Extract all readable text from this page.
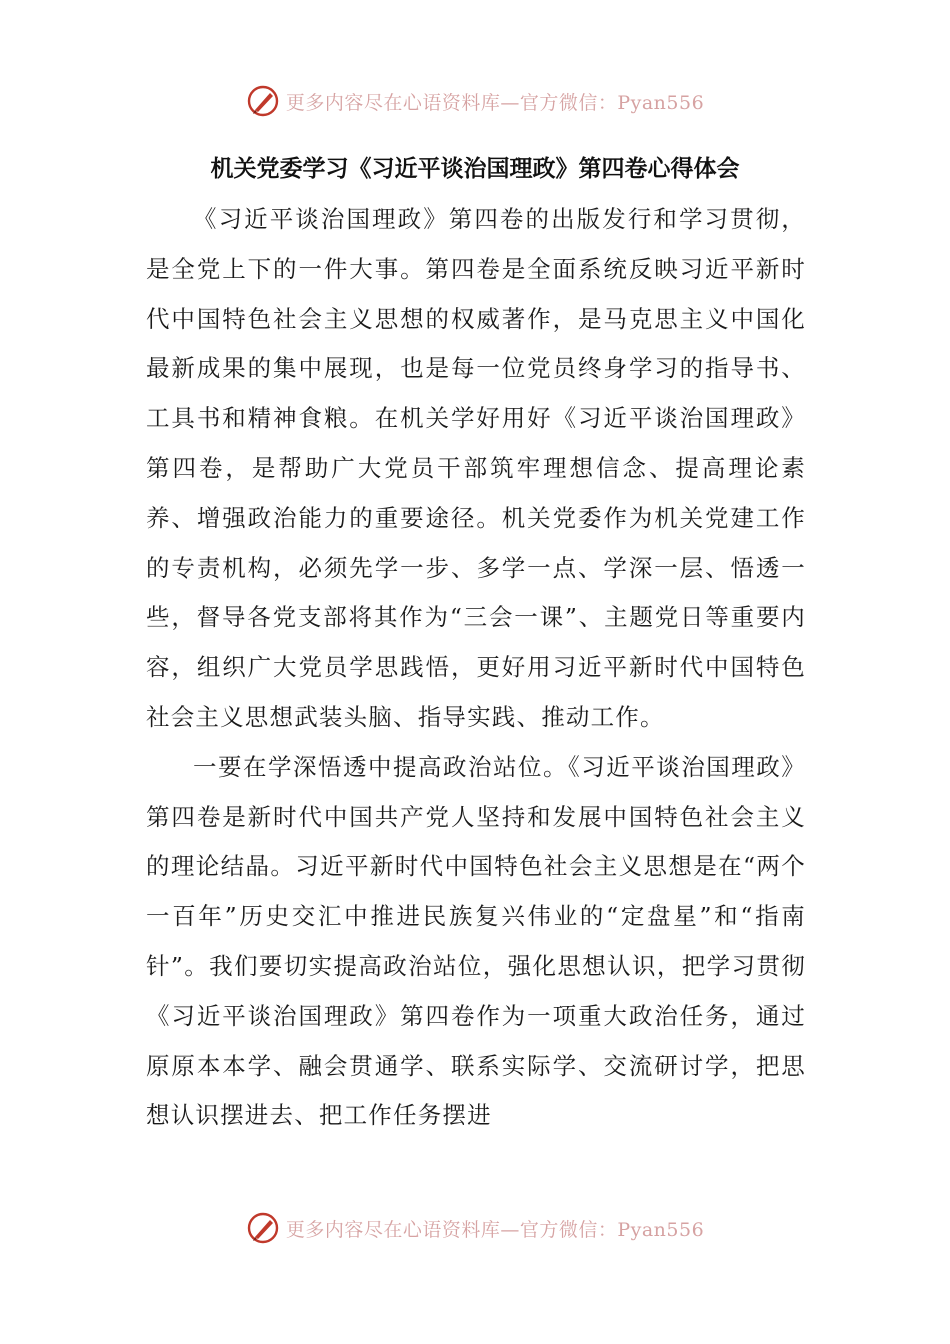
更多内容尽在心语资料库—官方微信：Pyan556
机关党委学习《习近平谈治国理政》第四卷心得体会

《习近平谈治国理政》第四卷的出版发行和学习贯彻，是全党上下的一件大事。第四卷是全面系统反映习近平新时代中国特色社会主义思想的权威著作，是马克思主义中国化最新成果的集中展现，也是每一位党员终身学习的指导书、工具书和精神食粮。在机关学好用好《习近平谈治国理政》第四卷，是帮助广大党员干部筑牢理想信念、提高理论素养、增强政治能力的重要途径。机关党委作为机关党建工作的专责机构，必须先学一步、多学一点、学深一层、悟透一些，督导各党支部将其作为“三会一课”、主题党日等重要内容，组织广大党员学思践悟，更好用习近平新时代中国特色社会主义思想武装头脑、指导实践、推动工作。

一要在学深悟透中提高政治站位。《习近平谈治国理政》第四卷是新时代中国共产党人坚持和发展中国特色社会主义的理论结晶。习近平新时代中国特色社会主义思想是在“两个一百年”历史交汇中推进民族复兴伟业的“定盘星”和“指南针”。我们要切实提高政治站位，强化思想认识，把学习贯彻《习近平谈治国理政》第四卷作为一项重大政治任务，通过原原本本学、融会贯通学、联系实际学、交流研讨学，把思想认识摆进去、把工作任务摆进

更多内容尽在心语资料库—官方微信：Pyan556
